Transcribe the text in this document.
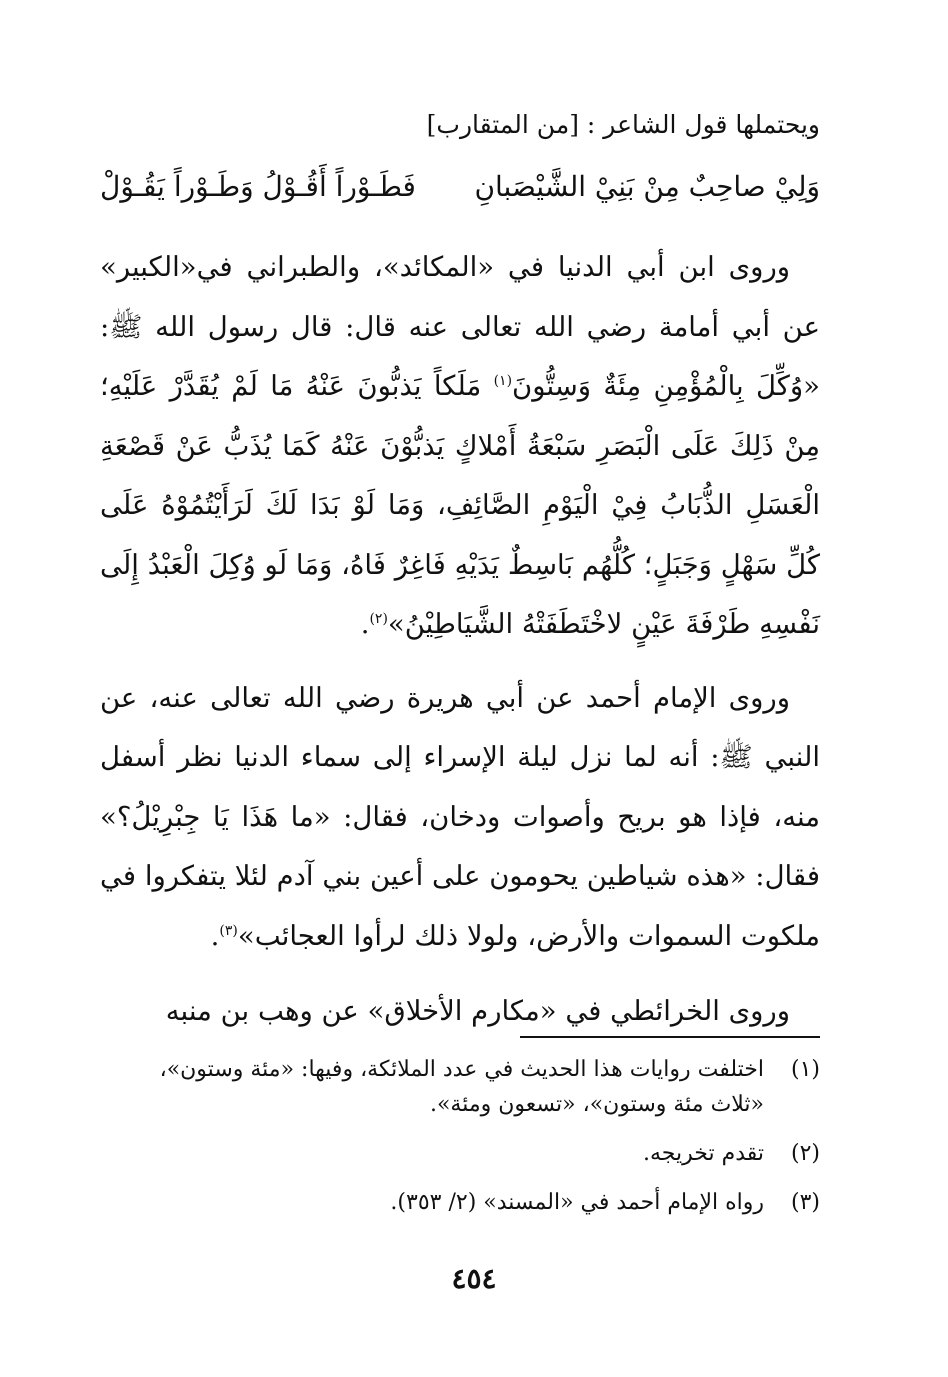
ويحتملها قول الشاعر : [من المتقارب]
وَلِيْ صاحِبٌ مِنْ بَنِيْ الشَّيْصَبانِ
فَطَـوْراً أَقُـوْلُ وَطَـوْراً يَقُـوْلْ

وروى ابن أبي الدنيا في «المكائد»، والطبراني في«الكبير» عن أبي أمامة رضي الله تعالى عنه قال: قال رسول الله ﷺ: «وُكِّلَ بِالْمُؤْمِنِ مِئَةٌ وَسِتُّونَ$^{(١)}$ مَلَكاً يَذبُّونَ عَنْهُ مَا لَمْ يُقَدَّرْ عَلَيْهِ؛ مِنْ ذَلِكَ عَلَى الْبَصَرِ سَبْعَةُ أَمْلاكٍ يَذبُّوْنَ عَنْهُ كَمَا يُذَبُّ عَنْ قَصْعَةِ الْعَسَلِ الذُّبَابُ فِيْ الْيَوْمِ الصَّائِفِ، وَمَا لَوْ بَدَا لَكَ لَرَأَيْتُمُوْهُ عَلَى كُلِّ سَهْلٍ وَجَبَلٍ؛ كُلُّهُم بَاسِطٌ يَدَيْهِ فَاغِرٌ فَاهُ، وَمَا لَو وُكِلَ الْعَبْدُ إِلَى نَفْسِهِ طَرْفَةَ عَيْنٍ لاخْتَطَفَتْهُ الشَّيَاطِيْنُ»$^{(٢)}$.

وروى الإمام أحمد عن أبي هريرة رضي الله تعالى عنه، عن النبي ﷺ: أنه لما نزل ليلة الإسراء إلى سماء الدنيا نظر أسفل منه، فإذا هو بريح وأصوات ودخان، فقال: «ما هَذَا يَا جِبْرِيْلُ؟» فقال: «هذه شياطين يحومون على أعين بني آدم لئلا يتفكروا في ملكوت السموات والأرض، ولولا ذلك لرأوا العجائب»$^{(٣)}$.

وروى الخرائطي في «مكارم الأخلاق» عن وهب بن منبه

(١)
اختلفت روايات هذا الحديث في عدد الملائكة، وفيها: «مئة وستون»، «ثلاث مئة وستون»، «تسعون ومئة».
(٢)
تقدم تخريجه.
(٣)
رواه الإمام أحمد في «المسند» (٢/ ٣٥٣).
٤٥٤
